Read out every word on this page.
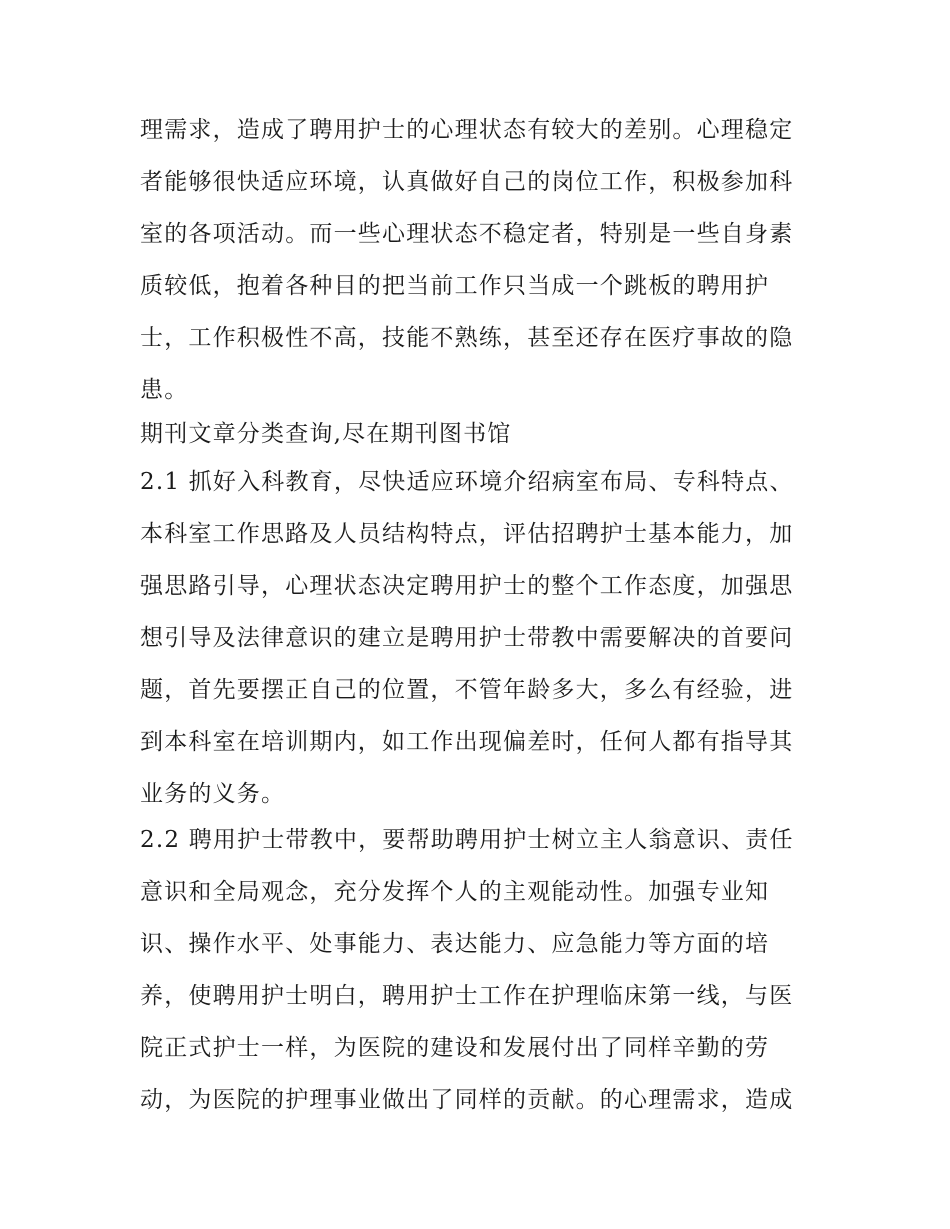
理需求，造成了聘用护士的心理状态有较大的差别。心理稳定
者能够很快适应环境，认真做好自己的岗位工作，积极参加科
室的各项活动。而一些心理状态不稳定者，特别是一些自身素
质较低，抱着各种目的把当前工作只当成一个跳板的聘用护
士，工作积极性不高，技能不熟练，甚至还存在医疗事故的隐
患。
期刊文章分类查询,尽在期刊图书馆
2.1 抓好入科教育，尽快适应环境介绍病室布局、专科特点、
本科室工作思路及人员结构特点，评估招聘护士基本能力，加
强思路引导，心理状态决定聘用护士的整个工作态度，加强思
想引导及法律意识的建立是聘用护士带教中需要解决的首要问
题，首先要摆正自己的位置，不管年龄多大，多么有经验，进
到本科室在培训期内，如工作出现偏差时，任何人都有指导其
业务的义务。
2.2 聘用护士带教中，要帮助聘用护士树立主人翁意识、责任
意识和全局观念，充分发挥个人的主观能动性。加强专业知
识、操作水平、处事能力、表达能力、应急能力等方面的培
养，使聘用护士明白，聘用护士工作在护理临床第一线，与医
院正式护士一样，为医院的建设和发展付出了同样辛勤的劳
动，为医院的护理事业做出了同样的贡献。的心理需求，造成
